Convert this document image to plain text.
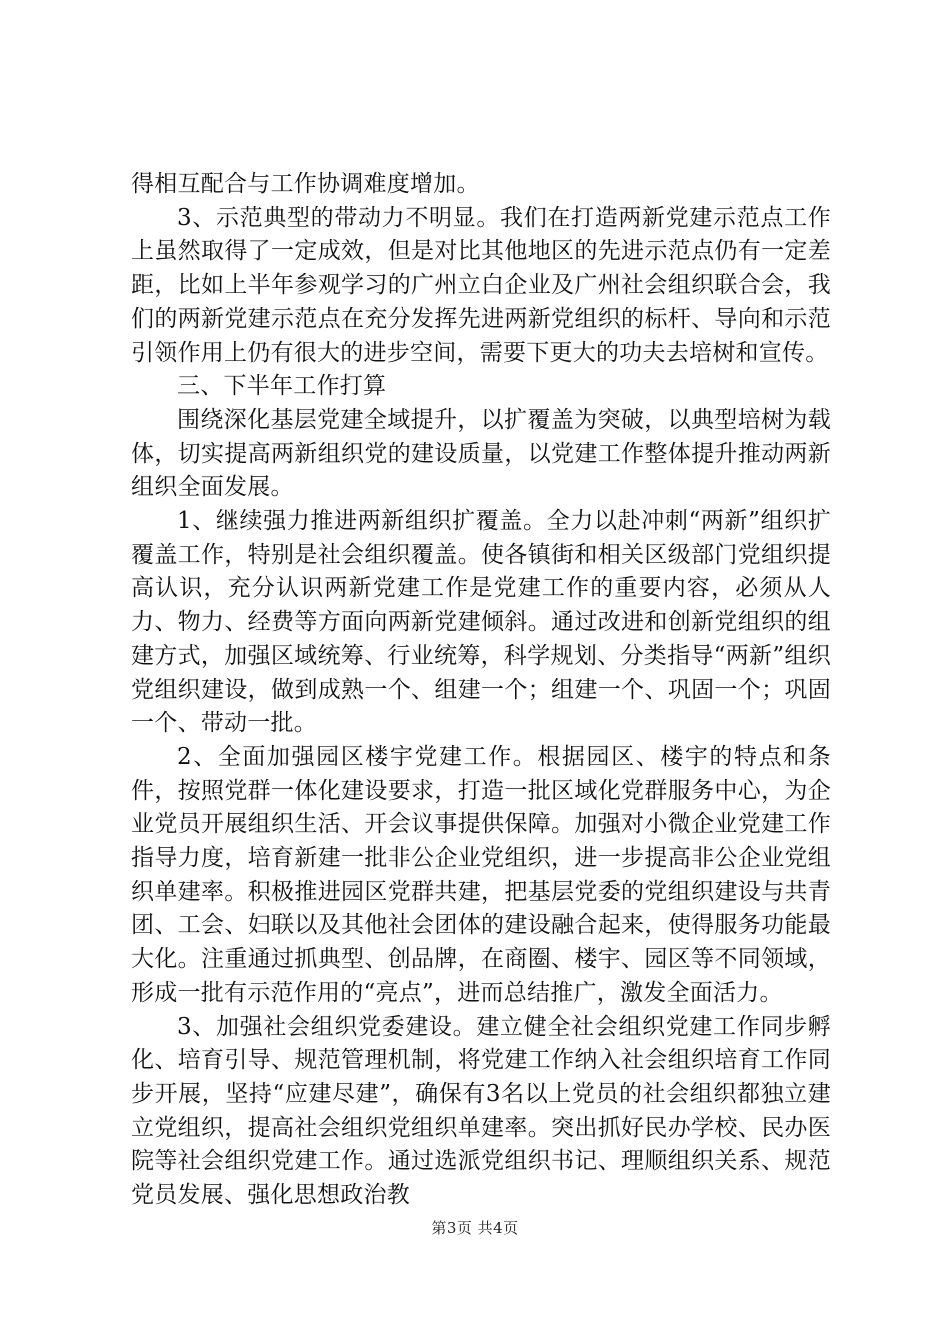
得相互配合与工作协调难度增加。

3、示范典型的带动力不明显。我们在打造两新党建示范点工作上虽然取得了一定成效，但是对比其他地区的先进示范点仍有一定差距，比如上半年参观学习的广州立白企业及广州社会组织联合会，我们的两新党建示范点在充分发挥先进两新党组织的标杆、导向和示范引领作用上仍有很大的进步空间，需要下更大的功夫去培树和宣传。

三、下半年工作打算

围绕深化基层党建全域提升，以扩覆盖为突破，以典型培树为载体，切实提高两新组织党的建设质量，以党建工作整体提升推动两新组织全面发展。

1、继续强力推进两新组织扩覆盖。全力以赴冲刺“两新”组织扩覆盖工作，特别是社会组织覆盖。使各镇街和相关区级部门党组织提高认识，充分认识两新党建工作是党建工作的重要内容，必须从人力、物力、经费等方面向两新党建倾斜。通过改进和创新党组织的组建方式，加强区域统筹、行业统筹，科学规划、分类指导“两新”组织党组织建设，做到成熟一个、组建一个；组建一个、巩固一个；巩固一个、带动一批。

2、全面加强园区楼宇党建工作。根据园区、楼宇的特点和条件，按照党群一体化建设要求，打造一批区域化党群服务中心，为企业党员开展组织生活、开会议事提供保障。加强对小微企业党建工作指导力度，培育新建一批非公企业党组织，进一步提高非公企业党组织单建率。积极推进园区党群共建，把基层党委的党组织建设与共青团、工会、妇联以及其他社会团体的建设融合起来，使得服务功能最大化。注重通过抓典型、创品牌，在商圈、楼宇、园区等不同领域，形成一批有示范作用的“亮点”，进而总结推广，激发全面活力。

3、加强社会组织党委建设。建立健全社会组织党建工作同步孵化、培育引导、规范管理机制，将党建工作纳入社会组织培育工作同步开展，坚持“应建尽建”，确保有3名以上党员的社会组织都独立建立党组织，提高社会组织党组织单建率。突出抓好民办学校、民办医院等社会组织党建工作。通过选派党组织书记、理顺组织关系、规范党员发展、强化思想政治教

第3页 共4页
